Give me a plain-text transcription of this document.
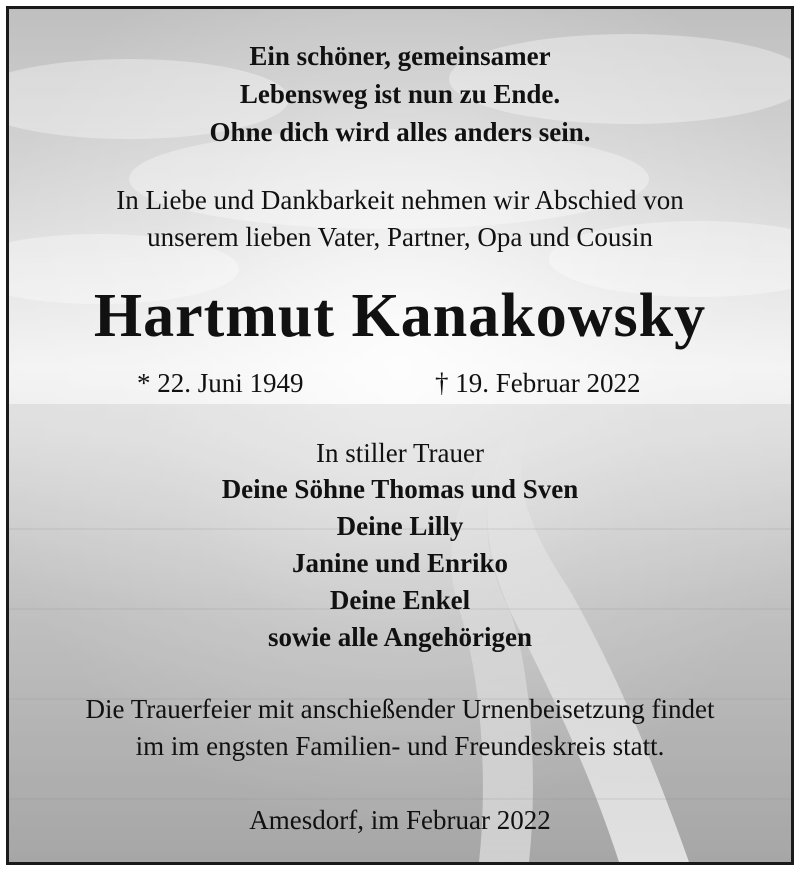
Ein schöner, gemeinsamer
Lebensweg ist nun zu Ende.
Ohne dich wird alles anders sein.
In Liebe und Dankbarkeit nehmen wir Abschied von
unserem lieben Vater, Partner, Opa und Cousin
Hartmut Kanakowsky
* 22. Juni 1949	† 19. Februar 2022
In stiller Trauer
Deine Söhne Thomas und Sven
Deine Lilly
Janine und Enriko
Deine Enkel
sowie alle Angehörigen
Die Trauerfeier mit anschießender Urnenbeisetzung findet
im im engsten Familien- und Freundeskreis statt.
Amesdorf, im Februar 2022
